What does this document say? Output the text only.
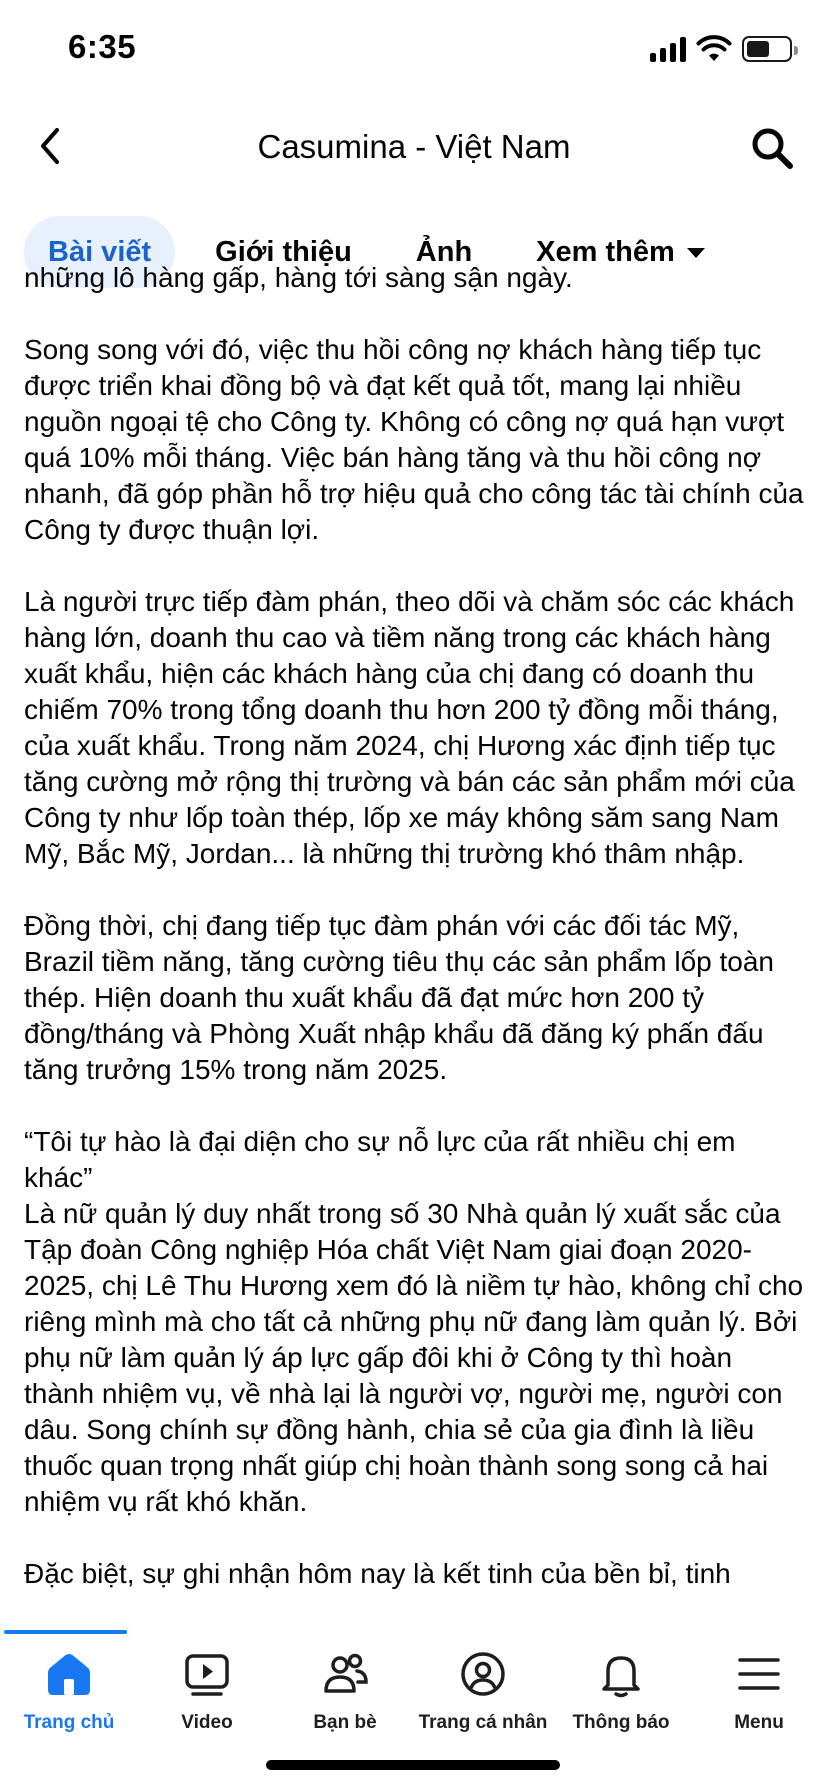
6:35
Casumina - Việt Nam
Bài viết Giới thiệu Ảnh Xem thêm

những lô hàng gấp, hàng tới sàng sận ngày.

Song song với đó, việc thu hồi công nợ khách hàng tiếp tục được triển khai đồng bộ và đạt kết quả tốt, mang lại nhiều nguồn ngoại tệ cho Công ty. Không có công nợ quá hạn vượt quá 10% mỗi tháng. Việc bán hàng tăng và thu hồi công nợ nhanh, đã góp phần hỗ trợ hiệu quả cho công tác tài chính của Công ty được thuận lợi.

Là người trực tiếp đàm phán, theo dõi và chăm sóc các khách hàng lớn, doanh thu cao và tiềm năng trong các khách hàng xuất khẩu, hiện các khách hàng của chị đang có doanh thu chiếm 70% trong tổng doanh thu hơn 200 tỷ đồng mỗi tháng, của xuất khẩu. Trong năm 2024, chị Hương xác định tiếp tục tăng cường mở rộng thị trường và bán các sản phẩm mới của Công ty như lốp toàn thép, lốp xe máy không săm sang Nam Mỹ, Bắc Mỹ, Jordan... là những thị trường khó thâm nhập.

Đồng thời, chị đang tiếp tục đàm phán với các đối tác Mỹ, Brazil tiềm năng, tăng cường tiêu thụ các sản phẩm lốp toàn thép. Hiện doanh thu xuất khẩu đã đạt mức hơn 200 tỷ đồng/tháng và Phòng Xuất nhập khẩu đã đăng ký phấn đấu tăng trưởng 15% trong năm 2025.

“Tôi tự hào là đại diện cho sự nỗ lực của rất nhiều chị em khác”

Là nữ quản lý duy nhất trong số 30 Nhà quản lý xuất sắc của Tập đoàn Công nghiệp Hóa chất Việt Nam giai đoạn 2020-2025, chị Lê Thu Hương xem đó là niềm tự hào, không chỉ cho riêng mình mà cho tất cả những phụ nữ đang làm quản lý. Bởi phụ nữ làm quản lý áp lực gấp đôi khi ở Công ty thì hoàn thành nhiệm vụ, về nhà lại là người vợ, người mẹ, người con dâu. Song chính sự đồng hành, chia sẻ của gia đình là liều thuốc quan trọng nhất giúp chị hoàn thành song song cả hai nhiệm vụ rất khó khăn.

Đặc biệt, sự ghi nhận hôm nay là kết tinh của bền bỉ, tinh

Trang chủ	Video	Bạn bè	Trang cá nhân	Thông báo	Menu
